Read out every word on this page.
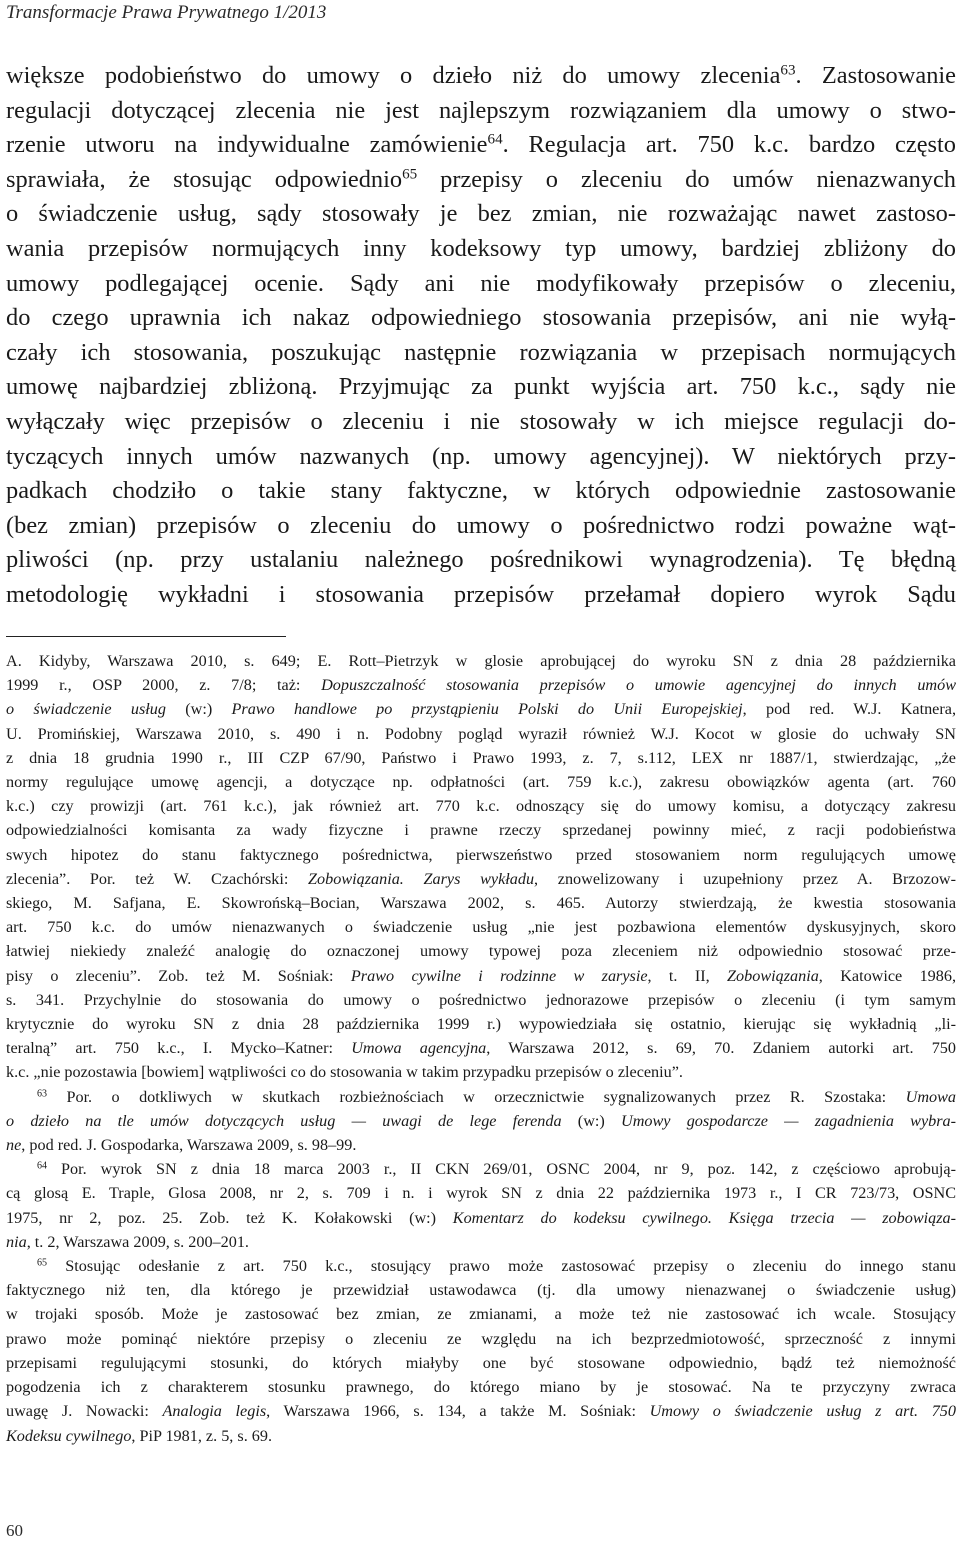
Transformacje Prawa Prywatnego 1/2013
większe podobieństwo do umowy o dzieło niż do umowy zlecenia$^{63}$. Zastosowanie
regulacji dotyczącej zlecenia nie jest najlepszym rozwiązaniem dla umowy o stwo-
rzenie utworu na indywidualne zamówienie$^{64}$. Regulacja art. 750 k.c. bardzo często
sprawiała, że stosując odpowiednio$^{65}$ przepisy o zleceniu do umów nienazwanych
o świadczenie usług, sądy stosowały je bez zmian, nie rozważając nawet zastoso-
wania przepisów normujących inny kodeksowy typ umowy, bardziej zbliżony do
umowy podlegającej ocenie. Sądy ani nie modyfikowały przepisów o zleceniu,
do czego uprawnia ich nakaz odpowiedniego stosowania przepisów, ani nie wyłą-
czały ich stosowania, poszukując następnie rozwiązania w przepisach normujących
umowę najbardziej zbliżoną. Przyjmując za punkt wyjścia art. 750 k.c., sądy nie
wyłączały więc przepisów o zleceniu i nie stosowały w ich miejsce regulacji do-
tyczących innych umów nazwanych (np. umowy agencyjnej). W niektórych przy-
padkach chodziło o takie stany faktyczne, w których odpowiednie zastosowanie
(bez zmian) przepisów o zleceniu do umowy o pośrednictwo rodzi poważne wąt-
pliwości (np. przy ustalaniu należnego pośrednikowi wynagrodzenia). Tę błędną
metodologię wykładni i stosowania przepisów przełamał dopiero wyrok Sądu
A. Kidyby, Warszawa 2010, s. 649; E. Rott–Pietrzyk w glosie aprobującej do wyroku SN z dnia 28 października
1999 r., OSP 2000, z. 7/8; taż: Dopuszczalność stosowania przepisów o umowie agencyjnej do innych umów
o świadczenie usług (w:) Prawo handlowe po przystąpieniu Polski do Unii Europejskiej, pod red. W.J. Katnera,
U. Promińskiej, Warszawa 2010, s. 490 i n. Podobny pogląd wyraził również W.J. Kocot w glosie do uchwały SN
z dnia 18 grudnia 1990 r., III CZP 67/90, Państwo i Prawo 1993, z. 7, s.112, LEX nr 1887/1, stwierdzając, „że
normy regulujące umowę agencji, a dotyczące np. odpłatności (art. 759 k.c.), zakresu obowiązków agenta (art. 760
k.c.) czy prowizji (art. 761 k.c.), jak również art. 770 k.c. odnoszący się do umowy komisu, a dotyczący zakresu
odpowiedzialności komisanta za wady fizyczne i prawne rzeczy sprzedanej powinny mieć, z racji podobieństwa
swych hipotez do stanu faktycznego pośrednictwa, pierwszeństwo przed stosowaniem norm regulujących umowę
zlecenia”. Por. też W. Czachórski: Zobowiązania. Zarys wykładu, znowelizowany i uzupełniony przez A. Brzozow-
skiego, M. Safjana, E. Skowrońską–Bocian, Warszawa 2002, s. 465. Autorzy stwierdzają, że kwestia stosowania
art. 750 k.c. do umów nienazwanych o świadczenie usług „nie jest pozbawiona elementów dyskusyjnych, skoro
łatwiej niekiedy znaleźć analogię do oznaczonej umowy typowej poza zleceniem niż odpowiednio stosować prze-
pisy o zleceniu”. Zob. też M. Sośniak: Prawo cywilne i rodzinne w zarysie, t. II, Zobowiązania, Katowice 1986,
s. 341. Przychylnie do stosowania do umowy o pośrednictwo jednorazowe przepisów o zleceniu (i tym samym
krytycznie do wyroku SN z dnia 28 października 1999 r.) wypowiedziała się ostatnio, kierując się wykładnią „li-
teralną” art. 750 k.c., I. Mycko–Katner: Umowa agencyjna, Warszawa 2012, s. 69, 70. Zdaniem autorki art. 750
k.c. „nie pozostawia [bowiem] wątpliwości co do stosowania w takim przypadku przepisów o zleceniu”.
$^{63}$ Por. o dotkliwych w skutkach rozbieżnościach w orzecznictwie sygnalizowanych przez R. Szostaka: Umowa
o dzieło na tle umów dotyczących usług — uwagi de lege ferenda (w:) Umowy gospodarcze — zagadnienia wybra-
ne, pod red. J. Gospodarka, Warszawa 2009, s. 98–99.
$^{64}$ Por. wyrok SN z dnia 18 marca 2003 r., II CKN 269/01, OSNC 2004, nr 9, poz. 142, z częściowo aprobują-
cą glosą E. Traple, Glosa 2008, nr 2, s. 709 i n. i wyrok SN z dnia 22 października 1973 r., I CR 723/73, OSNC
1975, nr 2, poz. 25. Zob. też K. Kołakowski (w:) Komentarz do kodeksu cywilnego. Księga trzecia — zobowiąza-
nia, t. 2, Warszawa 2009, s. 200–201.
$^{65}$ Stosując odesłanie z art. 750 k.c., stosujący prawo może zastosować przepisy o zleceniu do innego stanu
faktycznego niż ten, dla którego je przewidział ustawodawca (tj. dla umowy nienazwanej o świadczenie usług)
w trojaki sposób. Może je zastosować bez zmian, ze zmianami, a może też nie zastosować ich wcale. Stosujący
prawo może pominąć niektóre przepisy o zleceniu ze względu na ich bezprzedmiotowość, sprzeczność z innymi
przepisami regulującymi stosunki, do których miałyby one być stosowane odpowiednio, bądź też niemożność
pogodzenia ich z charakterem stosunku prawnego, do którego miano by je stosować. Na te przyczyny zwraca
uwagę J. Nowacki: Analogia legis, Warszawa 1966, s. 134, a także M. Sośniak: Umowy o świadczenie usług z art. 750
Kodeksu cywilnego, PiP 1981, z. 5, s. 69.
60
